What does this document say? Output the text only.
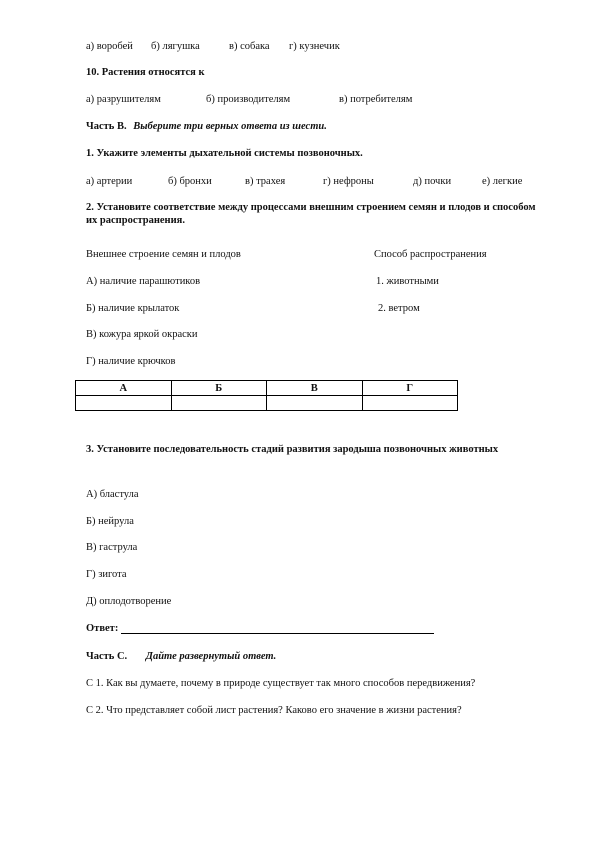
а) воробей б) лягушка	в) собака г) кузнечик
10. Растения относятся к
а) разрушителям	б) производителям	в) потребителям
Часть В. Выберите три верных ответа из шести.
1. Укажите элементы дыхательной системы позвоночных.
а) артерии	б) бронхи	в) трахея	г) нефроны	д) почки	е) легкие
2. Установите соответствие между процессами внешним строением семян и плодов и способом их распространения.
Внешнее строение семян и плодов	Способ распространения
А) наличие парашютиков	1. животными
Б) наличие крылаток	2. ветром
В) кожура яркой окраски
Г) наличие крючков
А	Б	В	Г

3. Установите последовательность стадий развития зародыша позвоночных животных
А) бластула
Б) нейрула
В) гаструла
Г) зигота
Д) оплодотворение
Ответ:
Часть С. Дайте развернутый ответ.
С 1. Как вы думаете, почему в природе существует так много способов передвижения?
С 2. Что представляет собой лист растения? Каково его значение в жизни растения?
